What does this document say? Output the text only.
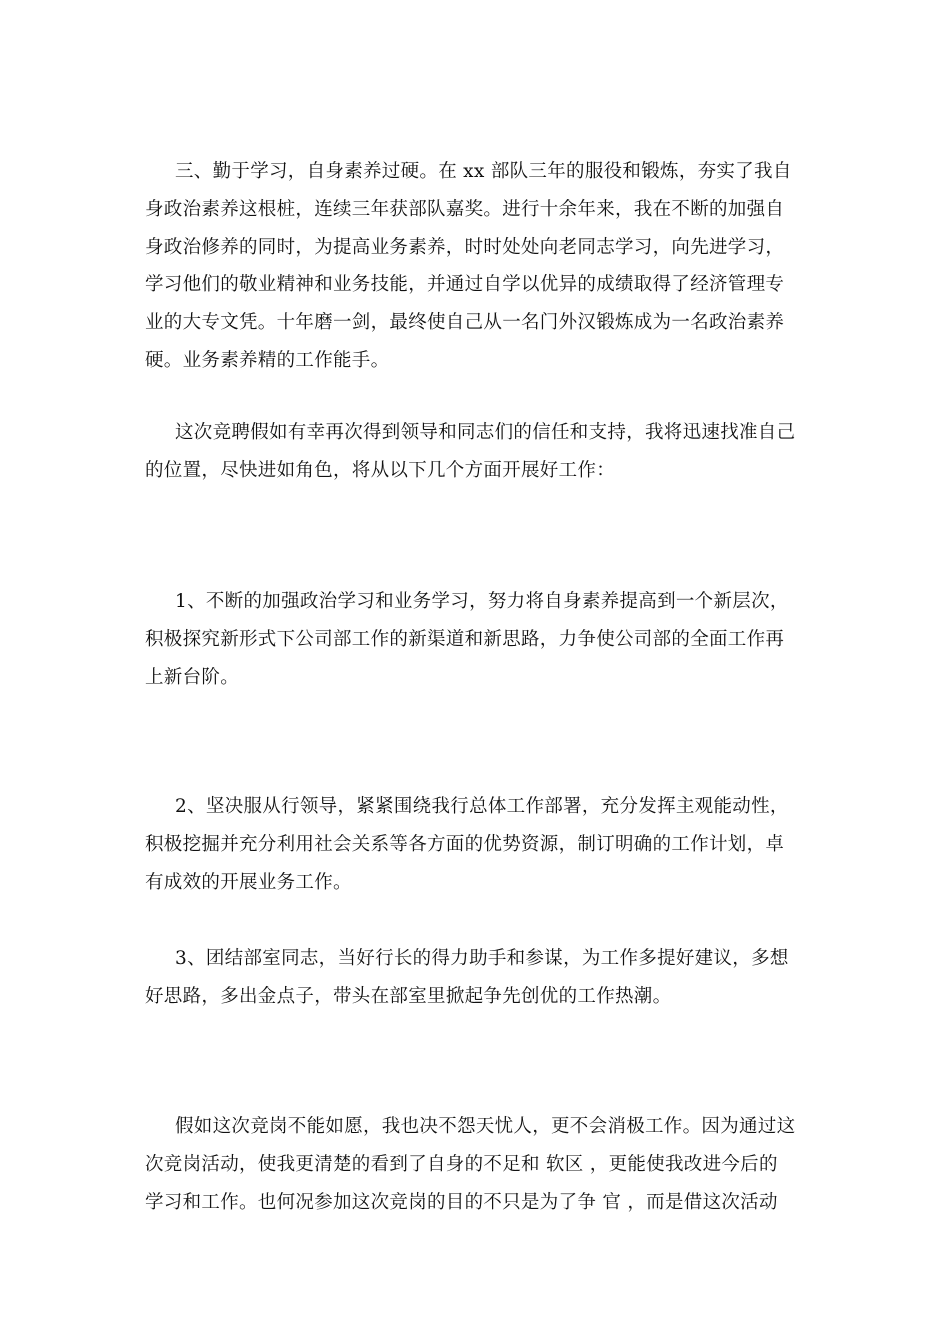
三、勤于学习，自身素养过硬。在 xx 部队三年的服役和锻炼，夯实了我自
身政治素养这根桩，连续三年获部队嘉奖。进行十余年来，我在不断的加强自
身政治修养的同时，为提高业务素养，时时处处向老同志学习，向先进学习，
学习他们的敬业精神和业务技能，并通过自学以优异的成绩取得了经济管理专
业的大专文凭。十年磨一剑，最终使自己从一名门外汉锻炼成为一名政治素养
硬。业务素养精的工作能手。
这次竞聘假如有幸再次得到领导和同志们的信任和支持，我将迅速找准自己
的位置，尽快进如角色，将从以下几个方面开展好工作：
1、不断的加强政治学习和业务学习，努力将自身素养提高到一个新层次，
积极探究新形式下公司部工作的新渠道和新思路，力争使公司部的全面工作再
上新台阶。
2、坚决服从行领导，紧紧围绕我行总体工作部署，充分发挥主观能动性，
积极挖掘并充分利用社会关系等各方面的优势资源，制订明确的工作计划，卓
有成效的开展业务工作。
3、团结部室同志，当好行长的得力助手和参谋，为工作多提好建议，多想
好思路，多出金点子，带头在部室里掀起争先创优的工作热潮。
假如这次竞岗不能如愿，我也决不怨天忧人，更不会消极工作。因为通过这
次竞岗活动，使我更清楚的看到了自身的不足和 软区 ，更能使我改进今后的
学习和工作。也何况参加这次竞岗的目的不只是为了争 官 ，而是借这次活动
